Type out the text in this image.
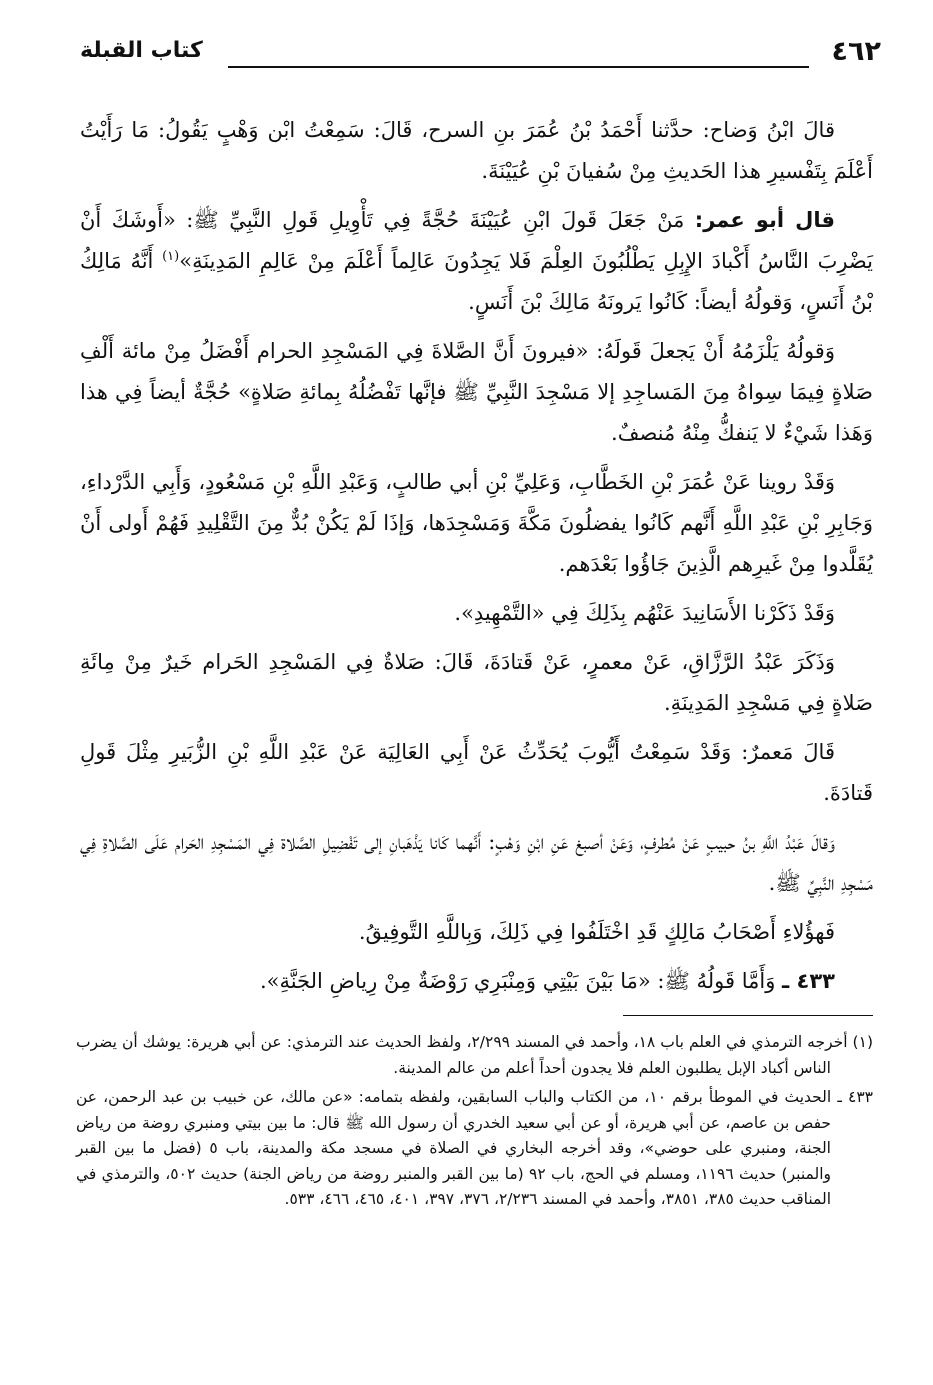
٤٦٢
كتاب القبلة

قالَ ابْنُ وَضاح: حدَّثنا أَحْمَدُ بْنُ عُمَرَ بنِ السرح، قَالَ: سَمِعْتُ ابْن وَهْبٍ يَقُولُ: مَا رَأَيْتُ أَعْلَمَ بِتَفْسيرِ هذا الحَديثِ مِنْ سُفيانَ بْنِ عُيَيْنَةَ.

قال أبو عمر: مَنْ جَعَلَ قَولَ ابْنِ عُيَيْنَةَ حُجَّةً فِي تَأْوِيلِ قَولِ النَّبِيِّ ﷺ: «أَوشَكَ أَنْ يَضْرِبَ النَّاسُ أَكْبادَ الإِبِلِ يَطْلُبُونَ العِلْمَ فَلا يَجِدُونَ عَالِماً أَعْلَمَ مِنْ عَالِمِ المَدِينَةِ»$^{(١)}$ أَنَّهُ مَالِكُ بْنُ أَنَسٍ، وَقولُهُ أيضاً: كَانُوا يَرونَهُ مَالِكَ بْنَ أَنَسٍ.

وَقولُهُ يَلْزَمُهُ أَنْ يَجعلَ قَولَهُ: «فيرونَ أَنَّ الصَّلاةَ فِي المَسْجِدِ الحرام أَفْضَلُ مِنْ مائة أَلْفِ صَلاةٍ فِيمَا سِواهُ مِنَ المَساجِدِ إلا مَسْجِدَ النَّبِيِّ ﷺ فإنَّها تَفْضُلُهُ بِمائةِ صَلاةٍ» حُجَّةٌ أيضاً فِي هذا وَهَذا شَيْءٌ لا يَنفكُّ مِنْهُ مُنصفٌ.

وَقَدْ روينا عَنْ عُمَرَ بْنِ الخَطَّابِ، وَعَلِيِّ بْنِ أبي طالبٍ، وَعَبْدِ اللَّهِ بْنِ مَسْعُودٍ، وَأَبِي الدَّرْداءِ، وَجَابِرِ بْنِ عَبْدِ اللَّهِ أَنَّهم كَانُوا يفضلُونَ مَكَّةَ وَمَسْجِدَها، وَإذَا لَمْ يَكُنْ بُدٌّ مِنَ التَّقْلِيدِ فَهُمْ أَولى أَنْ يُقَلَّدوا مِنْ غَيرِهم الَّذِينَ جَاؤُوا بَعْدَهم.

وَقَدْ ذَكَرْنا الأَسَانِيدَ عَنْهُم بِذَلِكَ فِي «التَّمْهِيدِ».

وَذَكَرَ عَبْدُ الرَّزَّاقِ، عَنْ معمرٍ، عَنْ قَتادَةَ، قَالَ: صَلاةٌ فِي المَسْجِدِ الحَرام خَيرٌ مِنْ مِائَةِ صَلاةٍ فِي مَسْجِدِ المَدِينَةِ.

قَالَ مَعمرٌ: وَقَدْ سَمِعْتُ أَيُّوبَ يُحَدِّثُ عَنْ أَبِي العَالِيَة عَنْ عَبْدِ اللَّهِ بْنِ الزُّبَيرِ مِثْلَ قَولِ قَتادَةَ.

وَقالَ عَبْدُ اللَّهِ بنُ حبيبٍ عَنْ مُطرفٍ، وَعَنْ أصبغ عَنِ ابْنِ وَهْبٍ: أَنَّهما كَانا يَذْهَبانِ إلى تَفْضِيلِ الصَّلاة فِي المَسْجِدِ الحَرام عَلَى الصَّلاةِ فِي مَسْجِدِ النَّبِيِّ ﷺ.

فَهؤُلاءِ أَصْحَابُ مَالِكٍ قَدِ اخْتَلَفُوا فِي ذَلِكَ، وَبِاللَّهِ التَّوفِيقُ.

٤٣٣ ـ وَأَمَّا قَولُهُ ﷺ: «مَا بَيْنَ بَيْتِي وَمِنْبَرِي رَوْضَةٌ مِنْ رِياضِ الجَنَّةِ».

(١) أخرجه الترمذي في العلم باب ١٨، وأحمد في المسند ٢/٢٩٩، ولفظ الحديث عند الترمذي: عن أبي هريرة: يوشك أن يضرب الناس أكباد الإبل يطلبون العلم فلا يجدون أحداً أعلم من عالم المدينة.

٤٣٣ ـ الحديث في الموطأ برقم ١٠، من الكتاب والباب السابقين، ولفظه بتمامه: «عن مالك، عن خبيب بن عبد الرحمن، عن حفص بن عاصم، عن أبي هريرة، أو عن أبي سعيد الخدري أن رسول الله ﷺ قال: ما بين بيتي ومنبري روضة من رياض الجنة، ومنبري على حوضي»، وقد أخرجه البخاري في الصلاة في مسجد مكة والمدينة، باب ٥ (فضل ما بين القبر والمنبر) حديث ١١٩٦، ومسلم في الحج، باب ٩٢ (ما بين القبر والمنبر روضة من رياض الجنة) حديث ٥٠٢، والترمذي في المناقب حديث ٣٨٥، ٣٨٥١، وأحمد في المسند ٢/٢٣٦، ٣٧٦، ٣٩٧، ٤٠١، ٤٦٥، ٤٦٦، ٥٣٣.
